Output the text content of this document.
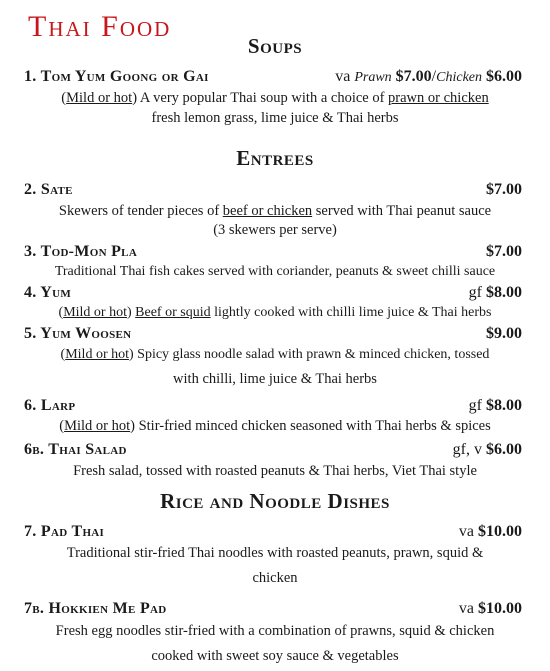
Thai Food
Soups
1. Tom Yum Goong or Gai	va Prawn $7.00/Chicken $6.00
(Mild or hot) A very popular Thai soup with a choice of prawn or chicken
fresh lemon grass, lime juice & Thai herbs
Entrees
2. Sate	$7.00
Skewers of tender pieces of beef or chicken served with Thai peanut sauce
(3 skewers per serve)
3. Tod-Mon Pla	$7.00
Traditional Thai fish cakes served with coriander, peanuts & sweet chilli sauce
4. Yum	gf $8.00
(Mild or hot) Beef or squid lightly cooked with chilli lime juice & Thai herbs
5. Yum Woosen	$9.00
(Mild or hot) Spicy glass noodle salad with prawn & minced chicken, tossed
with chilli, lime juice & Thai herbs
6. Larp	gf $8.00
(Mild or hot) Stir-fried minced chicken seasoned with Thai herbs & spices
6b. Thai Salad	gf, v $6.00
Fresh salad, tossed with roasted peanuts & Thai herbs, Viet Thai style
Rice and Noodle Dishes
7. Pad Thai	va $10.00
Traditional stir-fried Thai noodles with roasted peanuts, prawn, squid &
chicken
7b. Hokkien Me Pad	va $10.00
Fresh egg noodles stir-fried with a combination of prawns, squid & chicken
cooked with sweet soy sauce & vegetables
